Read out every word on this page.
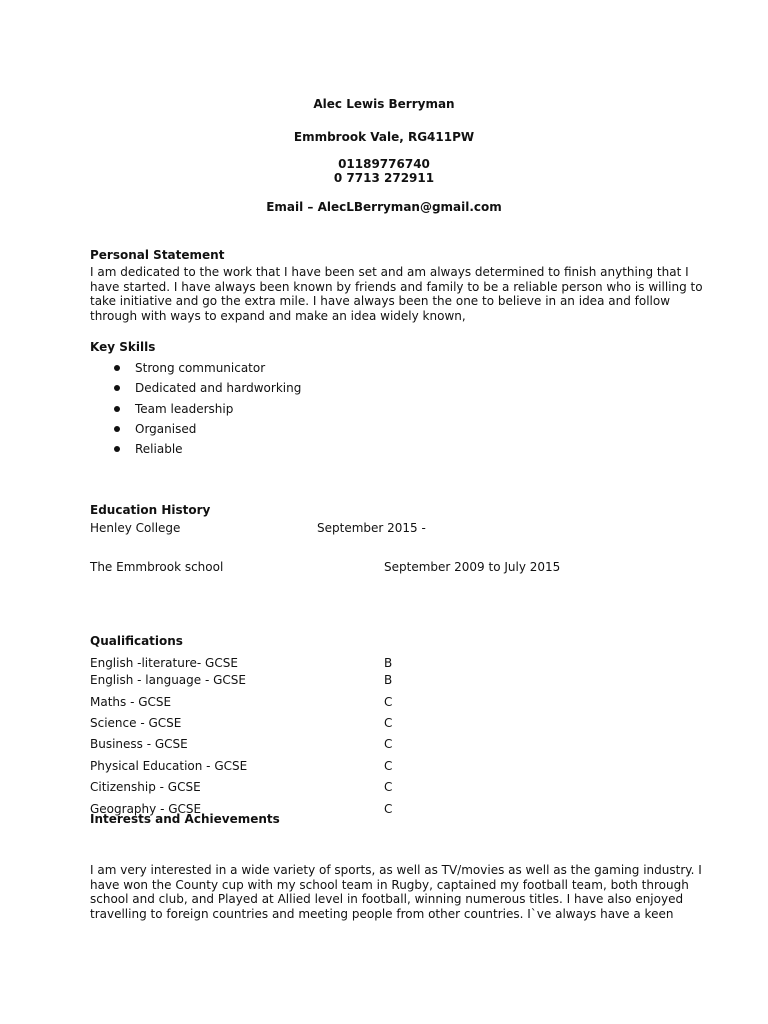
Alec Lewis Berryman
Emmbrook Vale, RG411PW
01189776740
0 7713 272911
Email – AlecLBerryman@gmail.com
Personal Statement
I am dedicated to the work that I have been set and am always determined to finish anything that I
have started. I have always been known by friends and family to be a reliable person who is willing to
take initiative and go the extra mile. I have always been the one to believe in an idea and follow
through with ways to expand and make an idea widely known,
Key Skills
Strong communicator
Dedicated and hardworking
Team leadership
Organised
Reliable
Education History
Henley College	September 2015 -
The Emmbrook school	September 2009 to July 2015
Qualifications
English -literature- GCSE	B
English - language - GCSE	B
Maths - GCSE	C
Science - GCSE	C
Business - GCSE	C
Physical Education - GCSE	C
Citizenship - GCSE	C
Geography - GCSE	C
Interests and Achievements
I am very interested in a wide variety of sports, as well as TV/movies as well as the gaming industry. I
have won the County cup with my school team in Rugby, captained my football team, both through
school and club, and Played at Allied level in football, winning numerous titles. I have also enjoyed
travelling to foreign countries and meeting people from other countries. I`ve always have a keen
